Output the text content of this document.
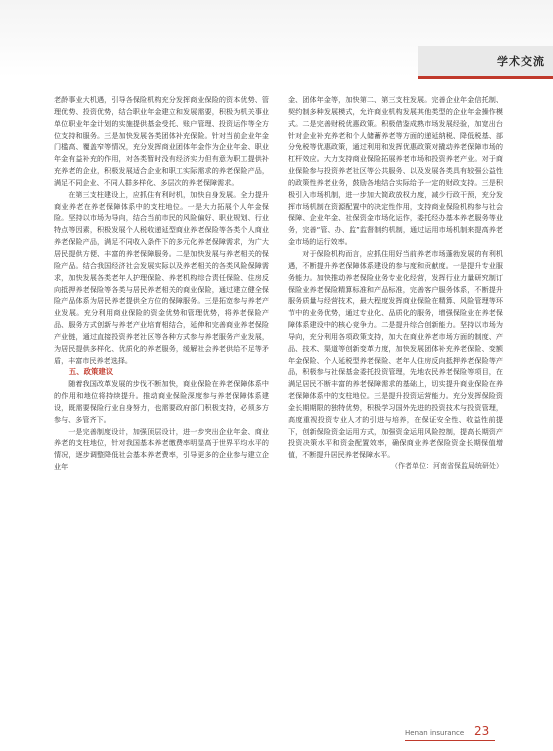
学术交流

老龄事业大机遇，引导各保险机构充分发挥商业保险的资本优势、管理优势、投资优势，结合职业年金建立和发展需要，积极为机关事业单位职业年金计划的实施提供基金受托、账户管理、投资运作等全方位支持和服务。三是加快发展各类团体补充保险。针对当前企业年金门槛高、覆盖窄等情况，充分发挥商业团体年金作为企业年金、职业年金有益补充的作用，对各类暂时没有经济实力但有意为职工提供补充养老的企业，积极发展适合企业和职工实际需求的养老保险产品，满足不同企业、不同人群多样化、多层次的养老保障需求。

在第三支柱建设上，应抓住有利时机，加快自身发展。全力提升商业养老在养老保障体系中的支柱地位。一是大力拓展个人年金保险。坚持以市场为导向，结合当前市民的风险偏好、职业规划、行业特点等因素，积极发展个人税收递延型商业养老保险等各类个人商业养老保险产品，满足不同收入条件下的多元化养老保障需求，为广大居民提供方便、丰富的养老保障服务。二是加快发展与养老相关的保险产品。结合我国经济社会发展实际以及养老相关的各类风险保障需求，加快发展各类老年人护理保险、养老机构综合责任保险、住房反向抵押养老保险等各类与居民养老相关的商业保险，通过建立健全保险产品体系为居民养老提供全方位的保障服务。三是拓宽参与养老产业发展。充分利用商业保险的资金优势和管理优势，将养老保险产品、服务方式创新与养老产业培育相结合，延伸和完善商业养老保险产业链，通过直接投资养老社区等各种方式参与养老服务产业发展，为居民提供多样化、优质化的养老服务，缓解社会养老供给不足等矛盾，丰富市民养老选择。

五、政策建议

随着我国改革发展的步伐不断加快，商业保险在养老保障体系中的作用和地位将持续提升。推动商业保险深度参与养老保障体系建设，既需要保险行业自身努力，也需要政府部门积极支持，必须多方参与、多管齐下。

一是完善制度设计，加强顶层设计，进一步突出企业年金、商业养老的支柱地位，针对我国基本养老缴费率明显高于世界平均水平的情况，逐步调整降低社会基本养老费率，引导更多的企业参与建立企业年

金、团体年金等，加快第二、第三支柱发展。完善企业年金信托制、契约制多种发展模式，允许商业机构发展其他类型的企业年金操作模式。二是完善财税优惠政策。积极借鉴成熟市场发展经验，加宽出台针对企业补充养老和个人储蓄养老等方面的递延纳税、降低税基、部分免税等优惠政策，通过利用和发挥优惠政策对撬动养老保障市场的杠杆效应。大力支持商业保险拓展养老市场和投资养老产业。对于商业保险参与投资养老社区等公共服务、以及发展各类具有较强公益性的政策性养老业务，鼓励各地结合实际给予一定的财政支持。三是积极引入市场机制，进一步加大简政放权力度，减少行政干预，充分发挥市场机制在资源配置中的决定性作用，支持商业保险机构参与社会保障、企业年金、社保资金市场化运作，委托经办基本养老服务等业务，完善“管、办、监”监督制约机制，通过运用市场机制来提高养老金市场的运行效率。

对于保险机构而言，应抓住用好当前养老市场蓬勃发展的有利机遇，不断提升养老保障体系建设的参与度和贡献度。一是提升专业服务能力。加快推动养老保险业务专业化经营，发挥行业力量研究制订保险业养老保险精算标准和产品标准，完善客户服务体系，不断提升服务质量与经营技术，最大程度发挥商业保险在精算、风险管理等环节中的业务优势，通过专业化、品质化的服务，增强保险业在养老保障体系建设中的核心竞争力。二是提升综合创新能力。坚持以市场为导向，充分利用各项政策支持，加大在商业养老市场方面的制度、产品、技术、渠道等创新变革力度，加快发展团体补充养老保险、变额年金保险、个人延税型养老保险、老年人住房反向抵押养老保险等产品，积极参与社保基金委托投资管理，先地农民养老保险等项目，在满足居民不断丰富的养老保障需求的基础上，切实提升商业保险在养老保障体系中的支柱地位。三是提升投资运营能力。充分发挥保险资金长期期限的独特优势，积极学习国外先进的投资技术与投资管理，高度重视投资专业人才的引进与培养，在保证安全性、收益性前提下，创新保险资金运用方式，加强资金运用风险控制，提高长期资产投资决策水平和资金配置效率，确保商业养老保险资金长期保值增值，不断提升居民养老保障水平。

（作者单位：河南省保监局统研处）

Henan insurance 23
